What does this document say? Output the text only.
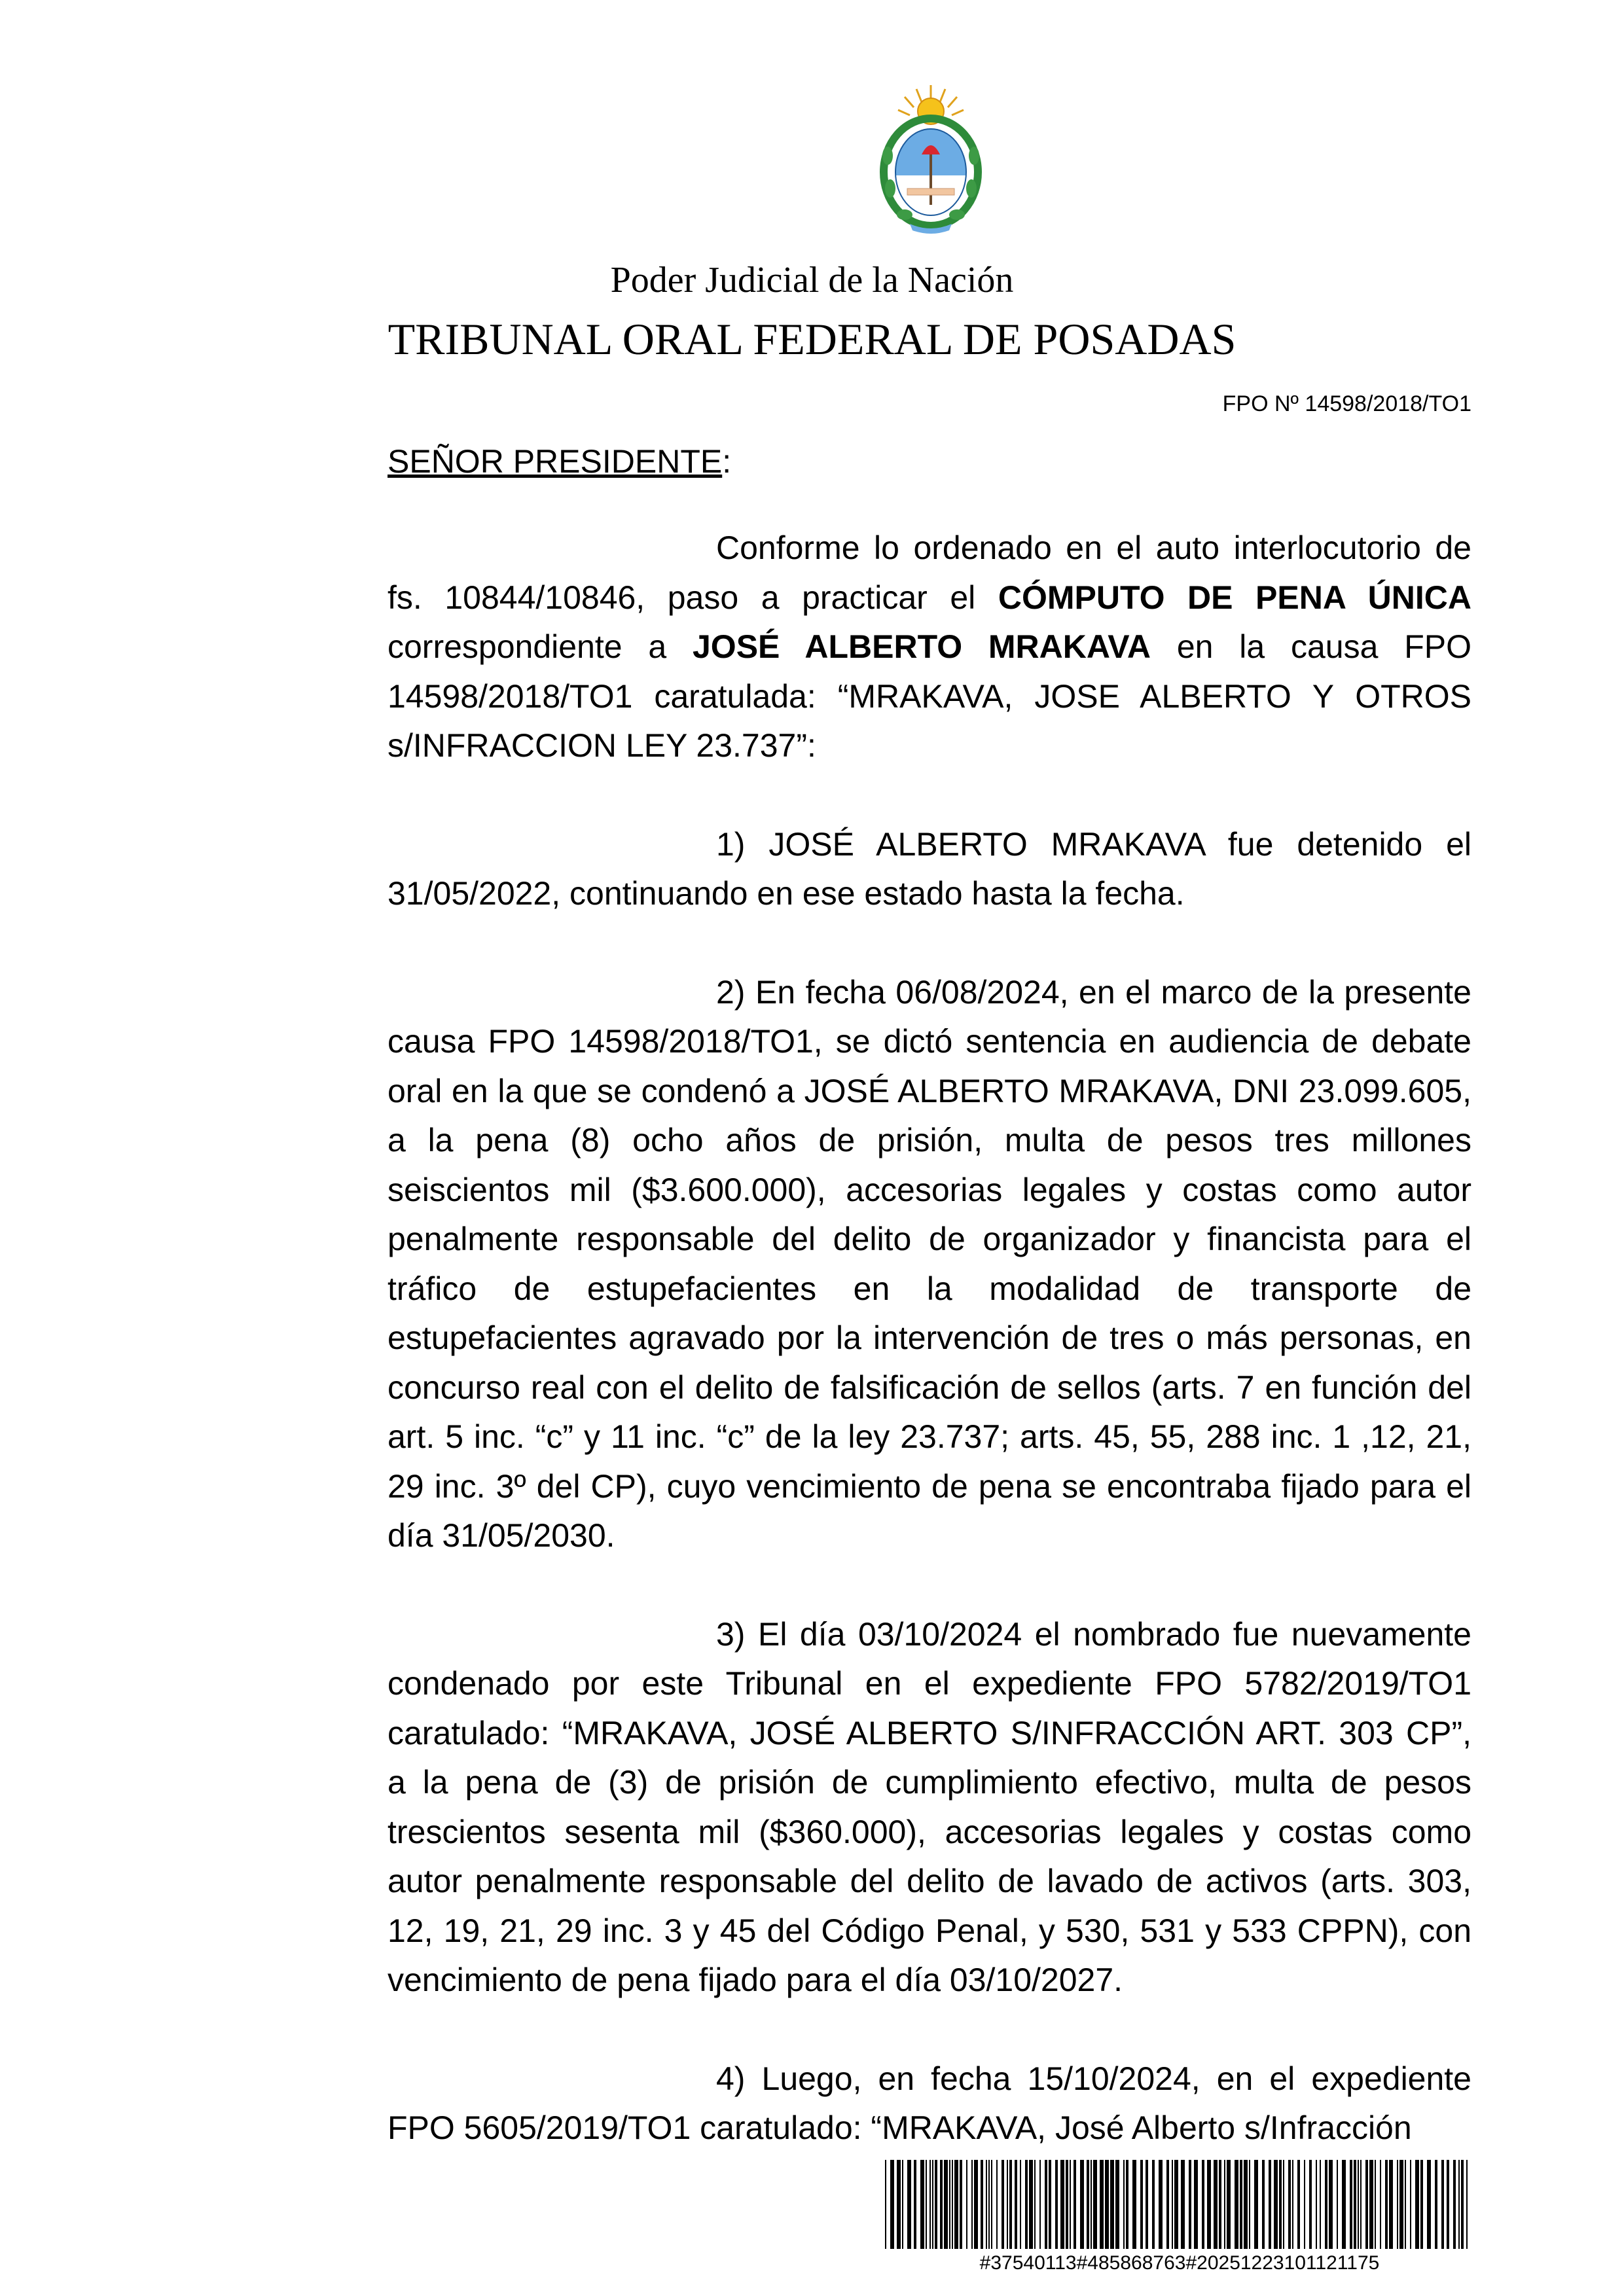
Poder Judicial de la Nación
TRIBUNAL ORAL FEDERAL DE POSADAS
FPO Nº 14598/2018/TO1
SEÑOR PRESIDENTE:

Conforme lo ordenado en el auto interlocutorio de fs. 10844/10846, paso a practicar el CÓMPUTO DE PENA ÚNICA correspondiente a JOSÉ ALBERTO MRAKAVA en la causa FPO 14598/2018/TO1 caratulada: “MRAKAVA, JOSE ALBERTO Y OTROS s/INFRACCION LEY 23.737”:

1) JOSÉ ALBERTO MRAKAVA fue detenido el 31/05/2022, continuando en ese estado hasta la fecha.

2) En fecha 06/08/2024, en el marco de la presente causa FPO 14598/2018/TO1, se dictó sentencia en audiencia de debate oral en la que se condenó a JOSÉ ALBERTO MRAKAVA, DNI 23.099.605, a la pena (8) ocho años de prisión, multa de pesos tres millones seiscientos mil ($3.600.000), accesorias legales y costas como autor penalmente responsable del delito de organizador y financista para el tráfico de estupefacientes en la modalidad de transporte de estupefacientes agravado por la intervención de tres o más personas, en concurso real con el delito de falsificación de sellos (arts. 7 en función del art. 5 inc. “c” y 11 inc. “c” de la ley 23.737; arts. 45, 55, 288 inc. 1 ,12, 21, 29 inc. 3º del CP), cuyo vencimiento de pena se encontraba fijado para el día 31/05/2030.

3) El día 03/10/2024 el nombrado fue nuevamente condenado por este Tribunal en el expediente FPO 5782/2019/TO1 caratulado: “MRAKAVA, JOSÉ ALBERTO S/INFRACCIÓN ART. 303 CP”, a la pena de (3) de prisión de cumplimiento efectivo, multa de pesos trescientos sesenta mil ($360.000), accesorias legales y costas como autor penalmente responsable del delito de lavado de activos (arts. 303, 12, 19, 21, 29 inc. 3 y 45 del Código Penal, y 530, 531 y 533 CPPN), con vencimiento de pena fijado para el día 03/10/2027.

4) Luego, en fecha 15/10/2024, en el expediente FPO 5605/2019/TO1 caratulado: “MRAKAVA, José Alberto s/Infracción

#37540113#485868763#20251223101121175
